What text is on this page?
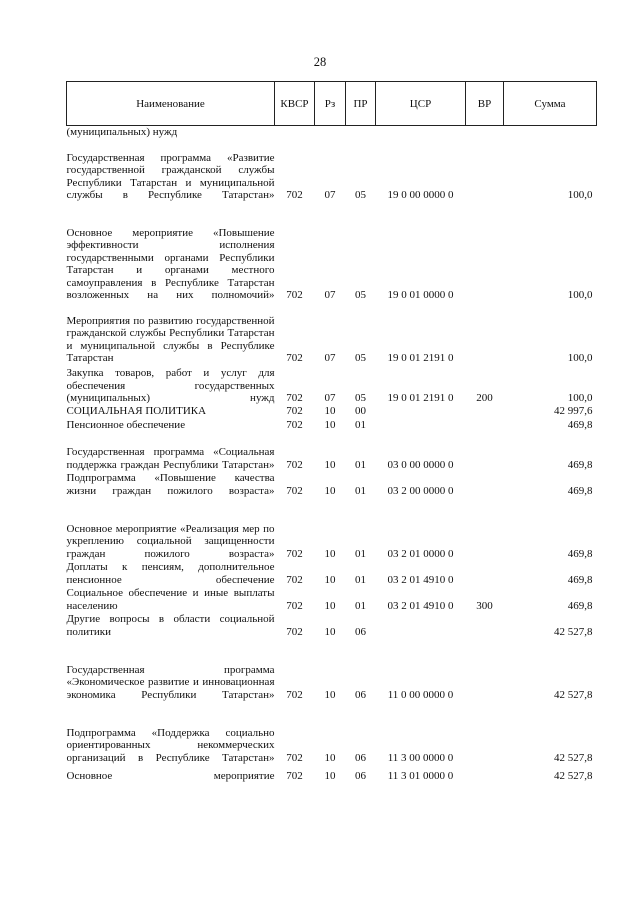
28
Наименование	КВСР	Рз	ПР	ЦСР	ВР	Сумма
(муниципальных) нужд						
Государственная программа «Развитие государственной гражданской службы Республики Татарстан и муниципальной службы в Республике Татарстан»	702	07	05	19 0 00 0000 0		100,0
Основное мероприятие «Повышение эффективности исполнения государственными органами Республики Татарстан и органами местного самоуправления в Республике Татарстан возложенных на них полномочий»	702	07	05	19 0 01 0000 0		100,0
Мероприятия по развитию государственной гражданской службы Республики Татарстан и муниципальной службы в Республике Татарстан	702	07	05	19 0 01 2191 0		100,0
Закупка товаров, работ и услуг для обеспечения государственных (муниципальных) нужд	702	07	05	19 0 01 2191 0	200	100,0
СОЦИАЛЬНАЯ ПОЛИТИКА	702	10	00			42 997,6
Пенсионное обеспечение	702	10	01			469,8
Государственная программа «Социальная поддержка граждан Республики Татарстан»	702	10	01	03 0 00 0000 0		469,8
Подпрограмма «Повышение качества жизни граждан пожилого возраста»	702	10	01	03 2 00 0000 0		469,8
Основное мероприятие «Реализация мер по укреплению социальной защищенности граждан пожилого возраста»	702	10	01	03 2 01 0000 0		469,8
Доплаты к пенсиям, дополнительное пенсионное обеспечение	702	10	01	03 2 01 4910 0		469,8
Социальное обеспечение и иные выплаты населению	702	10	01	03 2 01 4910 0	300	469,8
Другие вопросы в области социальной политики	702	10	06			42 527,8
Государственная программа «Экономическое развитие и инновационная экономика Республики Татарстан»	702	10	06	11 0 00 0000 0		42 527,8
Подпрограмма «Поддержка социально ориентированных некоммерческих организаций в Республике Татарстан»	702	10	06	11 3 00 0000 0		42 527,8
Основное мероприятие	702	10	06	11 3 01 0000 0		42 527,8
